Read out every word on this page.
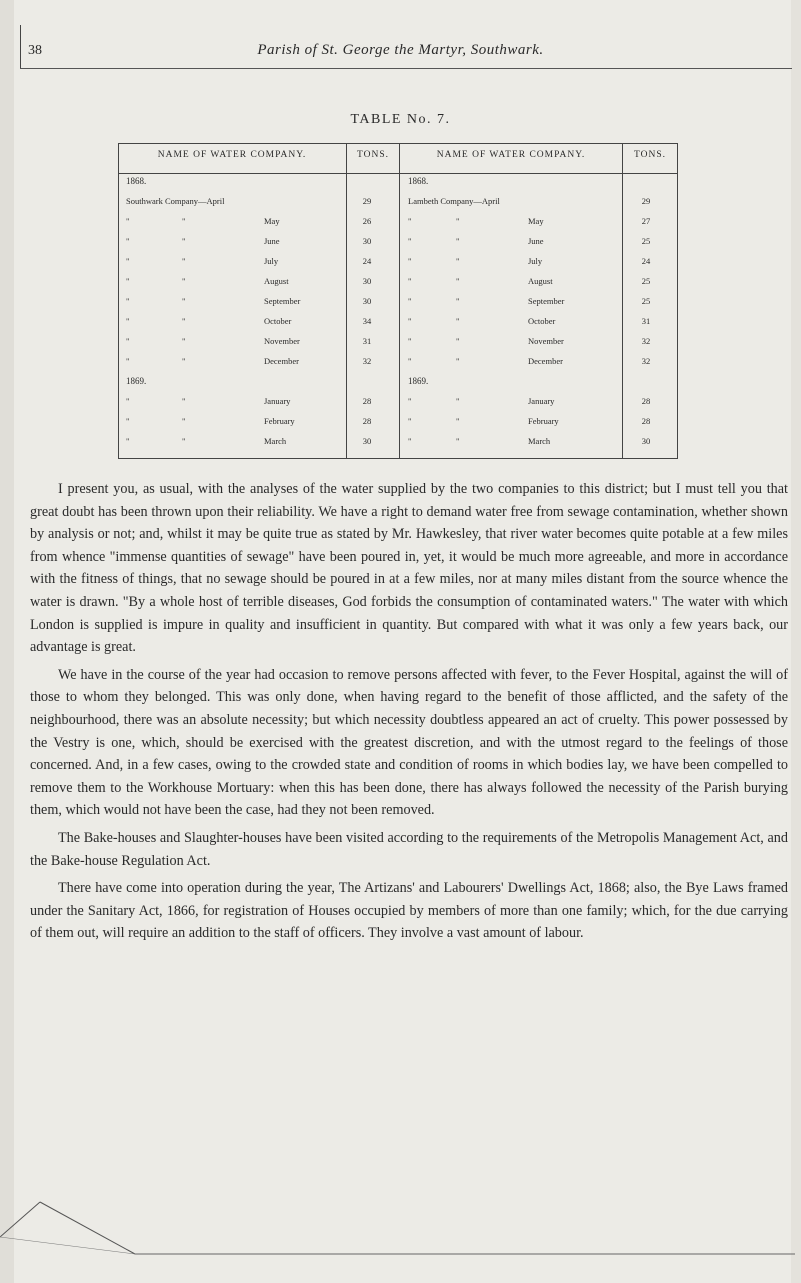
38	Parish of St. George the Martyr, Southwark.
TABLE No. 7.
NAME OF WATER COMPANY.	TONS.	NAME OF WATER COMPANY.	TONS.
1868.	1868.
Southwark Company—April	29	Lambeth Company—April	29
"	"	May	26	"	"	May	27
"	"	June	30	"	"	June	25
"	"	July	24	"	"	July	24
"	"	August	30	"	"	August	25
"	"	September	30	"	"	September	25
"	"	October	34	"	"	October	31
"	"	November	31	"	"	November	32
"	"	December	32	"	"	December	32
1869.	1869.
"	"	January	28	"	"	January	28
"	"	February	28	"	"	February	28
"	"	March	30	"	"	March	30

I present you, as usual, with the analyses of the water supplied by the two companies to this district; but I must tell you that great doubt has been thrown upon their reliability. We have a right to demand water free from sewage contamination, whether shown by analysis or not; and, whilst it may be quite true as stated by Mr. Hawkesley, that river water becomes quite potable at a few miles from whence "immense quantities of sewage" have been poured in, yet, it would be much more agreeable, and more in accordance with the fitness of things, that no sewage should be poured in at a few miles, nor at many miles distant from the source whence the water is drawn. "By a whole host of terrible diseases, God forbids the consumption of contaminated waters." The water with which London is supplied is impure in quality and insufficient in quantity. But compared with what it was only a few years back, our advantage is great.

We have in the course of the year had occasion to remove persons affected with fever, to the Fever Hospital, against the will of those to whom they belonged. This was only done, when having regard to the benefit of those afflicted, and the safety of the neighbourhood, there was an absolute necessity; but which necessity doubtless appeared an act of cruelty. This power possessed by the Vestry is one, which, should be exercised with the greatest discretion, and with the utmost regard to the feelings of those concerned. And, in a few cases, owing to the crowded state and condition of rooms in which bodies lay, we have been compelled to remove them to the Workhouse Mortuary: when this has been done, there has always followed the necessity of the Parish burying them, which would not have been the case, had they not been removed.

The Bake-houses and Slaughter-houses have been visited according to the requirements of the Metropolis Management Act, and the Bake-house Regulation Act.

There have come into operation during the year, The Artizans' and Labourers' Dwellings Act, 1868; also, the Bye Laws framed under the Sanitary Act, 1866, for registration of Houses occupied by members of more than one family; which, for the due carrying of them out, will require an addition to the staff of officers. They involve a vast amount of labour.
